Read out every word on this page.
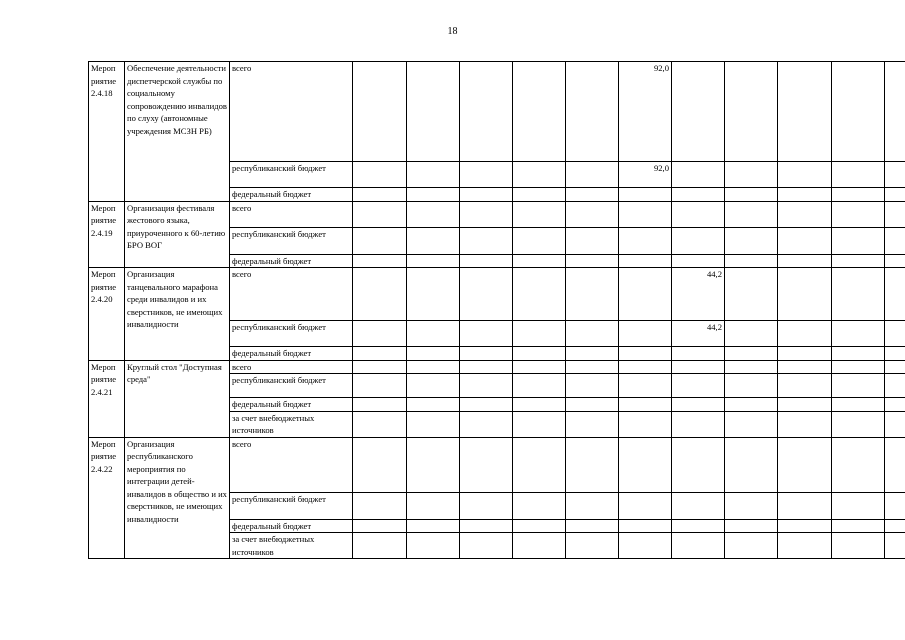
18
Мероп риятие 2.4.18	Обеспечение деятельности диспетчерской службы по социальному сопровождению инвалидов по слуху (автономные учреждения МСЗН РБ)	всего						92,0					
		республиканский бюджет						92,0					
		федеральный бюджет											
Мероп риятие 2.4.19	Организация фестиваля жестового языка, приуроченного к 60-летию БРО ВОГ	всего											
		республиканский бюджет											
		федеральный бюджет											
Мероп риятие 2.4.20	Организация танцевального марафона среди инвалидов и их сверстников, не имеющих инвалидности	всего							44,2				
		республиканский бюджет							44,2				
		федеральный бюджет											
Мероп риятие 2.4.21	Круглый стол "Доступная среда"	всего											
		республиканский бюджет											
		федеральный бюджет											
		за счет внебюджетных источников											
Мероп риятие 2.4.22	Организация республиканского мероприятия по интеграции детей-инвалидов в общество и их сверстников, не имеющих инвалидности	всего											
		республиканский бюджет											
		федеральный бюджет											
		за счет внебюджетных источников											
